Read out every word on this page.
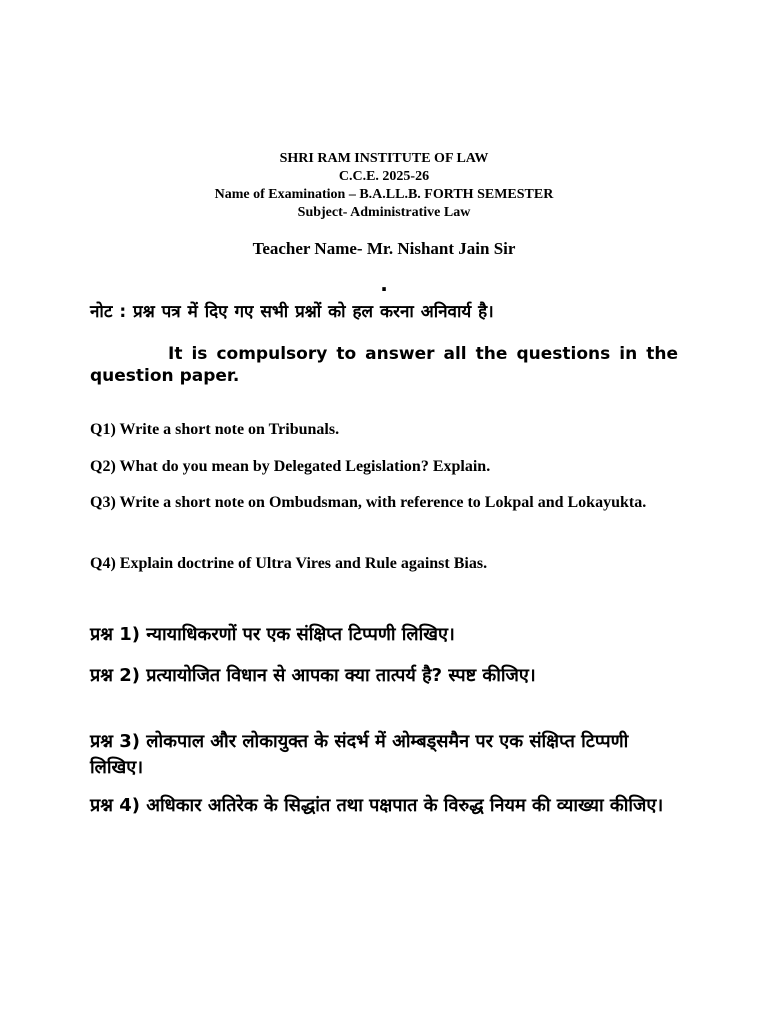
SHRI RAM INSTITUTE OF LAW
C.C.E. 2025-26
Name of Examination – B.A.LL.B. FORTH SEMESTER
Subject- Administrative Law
Teacher Name- Mr. Nishant Jain Sir
.
नोट : प्रश्न पत्र में दिए गए सभी प्रश्नों को हल करना अनिवार्य है।
It is compulsory to answer all the questions in the question paper.
Q1) Write a short note on Tribunals.
Q2) What do you mean by Delegated Legislation? Explain.
Q3) Write a short note on Ombudsman, with reference to Lokpal and Lokayukta.
Q4) Explain doctrine of Ultra Vires and Rule against Bias.
प्रश्न 1) न्यायाधिकरणों पर एक संक्षिप्त टिप्पणी लिखिए।
प्रश्न 2) प्रत्यायोजित विधान से आपका क्या तात्पर्य है? स्पष्ट कीजिए।
प्रश्न 3) लोकपाल और लोकायुक्त के संदर्भ में ओम्बड्समैन पर एक संक्षिप्त टिप्पणी लिखिए।
प्रश्न 4) अधिकार अतिरेक के सिद्धांत तथा पक्षपात के विरुद्ध नियम की व्याख्या कीजिए।
